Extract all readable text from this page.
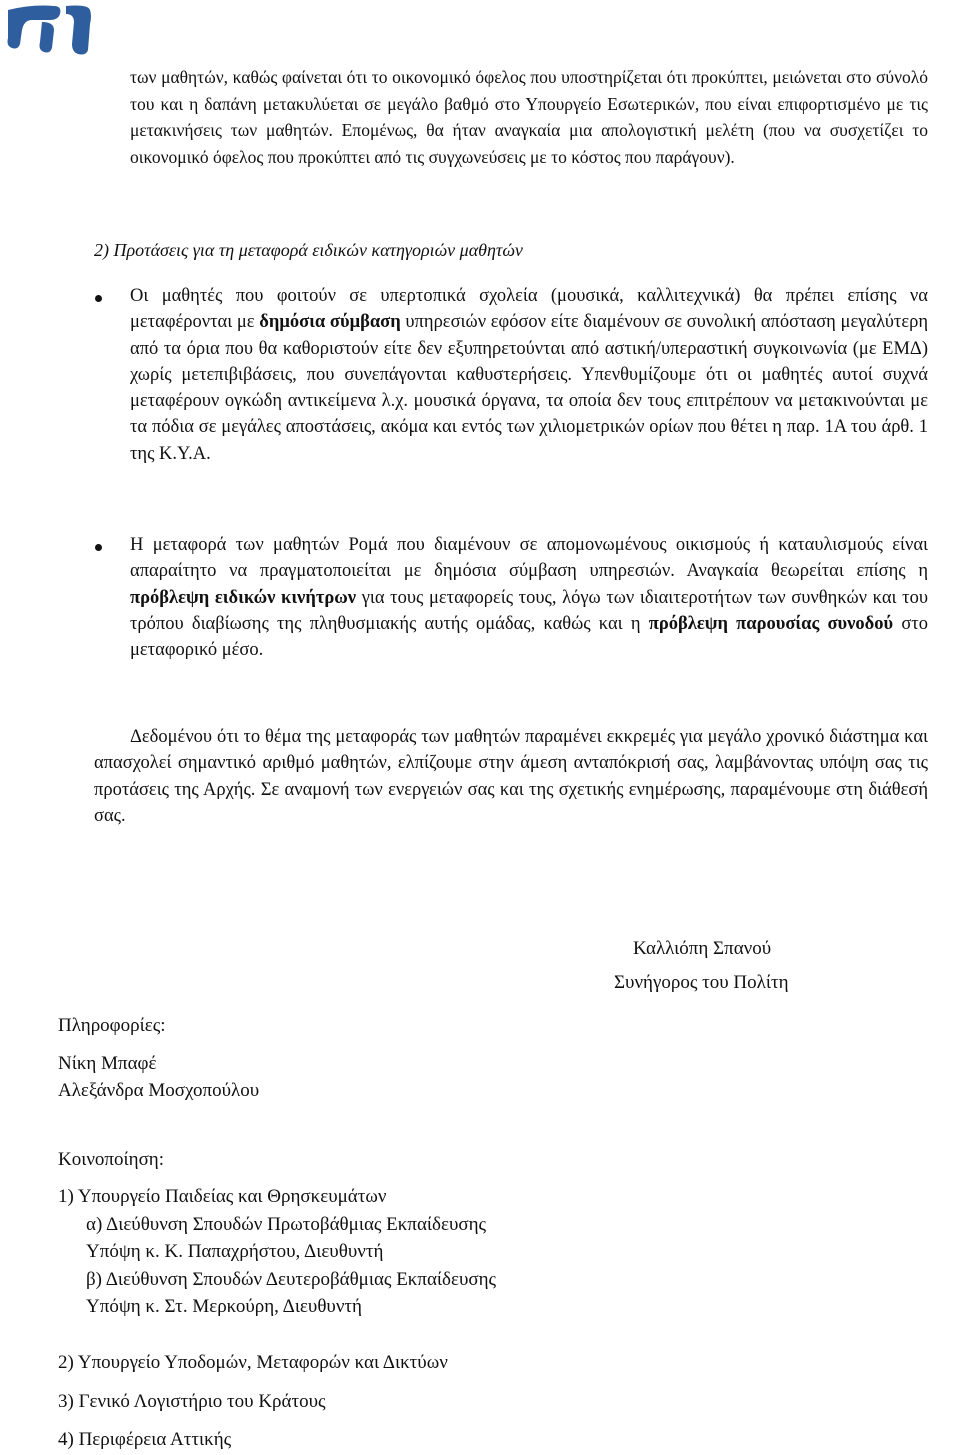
των μαθητών, καθώς φαίνεται ότι το οικονομικό όφελος που υποστηρίζεται ότι προκύπτει, μειώνεται στο σύνολό του και η δαπάνη μετακυλύεται σε μεγάλο βαθμό στο Υπουργείο Εσωτερικών, που είναι επιφορτισμένο με τις μετακινήσεις των μαθητών. Επομένως, θα ήταν αναγκαία μια απολογιστική μελέτη (που να συσχετίζει το οικονομικό όφελος που προκύπτει από τις συγχωνεύσεις με το κόστος που παράγουν).

2) Προτάσεις για τη μεταφορά ειδικών κατηγοριών μαθητών

Οι μαθητές που φοιτούν σε υπερτοπικά σχολεία (μουσικά, καλλιτεχνικά) θα πρέπει επίσης να μεταφέρονται με δημόσια σύμβαση υπηρεσιών εφόσον είτε διαμένουν σε συνολική απόσταση μεγαλύτερη από τα όρια που θα καθοριστούν είτε δεν εξυπηρετούνται από αστική/υπεραστική συγκοινωνία (με ΕΜΔ) χωρίς μετεπιβιβάσεις, που συνεπάγονται καθυστερήσεις. Υπενθυμίζουμε ότι οι μαθητές αυτοί συχνά μεταφέρουν ογκώδη αντικείμενα λ.χ. μουσικά όργανα, τα οποία δεν τους επιτρέπουν να μετακινούνται με τα πόδια σε μεγάλες αποστάσεις, ακόμα και εντός των χιλιομετρικών ορίων που θέτει η παρ. 1Α του άρθ. 1 της Κ.Υ.Α.

Η μεταφορά των μαθητών Ρομά που διαμένουν σε απομονωμένους οικισμούς ή καταυλισμούς είναι απαραίτητο να πραγματοποιείται με δημόσια σύμβαση υπηρεσιών. Αναγκαία θεωρείται επίσης η πρόβλεψη ειδικών κινήτρων για τους μεταφορείς τους, λόγω των ιδιαιτεροτήτων των συνθηκών και του τρόπου διαβίωσης της πληθυσμιακής αυτής ομάδας, καθώς και η πρόβλεψη παρουσίας συνοδού στο μεταφορικό μέσο.

Δεδομένου ότι το θέμα της μεταφοράς των μαθητών παραμένει εκκρεμές για μεγάλο χρονικό διάστημα και απασχολεί σημαντικό αριθμό μαθητών, ελπίζουμε στην άμεση ανταπόκρισή σας, λαμβάνοντας υπόψη σας τις προτάσεις της Αρχής. Σε αναμονή των ενεργειών σας και της σχετικής ενημέρωσης, παραμένουμε στη διάθεσή σας.

Καλλιόπη Σπανού
Συνήγορος του Πολίτη
Πληροφορίες:
Νίκη Μπαφέ
Αλεξάνδρα Μοσχοπούλου
Κοινοποίηση:
1) Υπουργείο Παιδείας και Θρησκευμάτων
α) Διεύθυνση Σπουδών Πρωτοβάθμιας Εκπαίδευσης
Υπόψη κ. Κ. Παπαχρήστου, Διευθυντή
β) Διεύθυνση Σπουδών Δευτεροβάθμιας Εκπαίδευσης
Υπόψη κ. Στ. Μερκούρη, Διευθυντή
2) Υπουργείο Υποδομών, Μεταφορών και Δικτύων
3) Γενικό Λογιστήριο του Κράτους
4) Περιφέρεια Αττικής
